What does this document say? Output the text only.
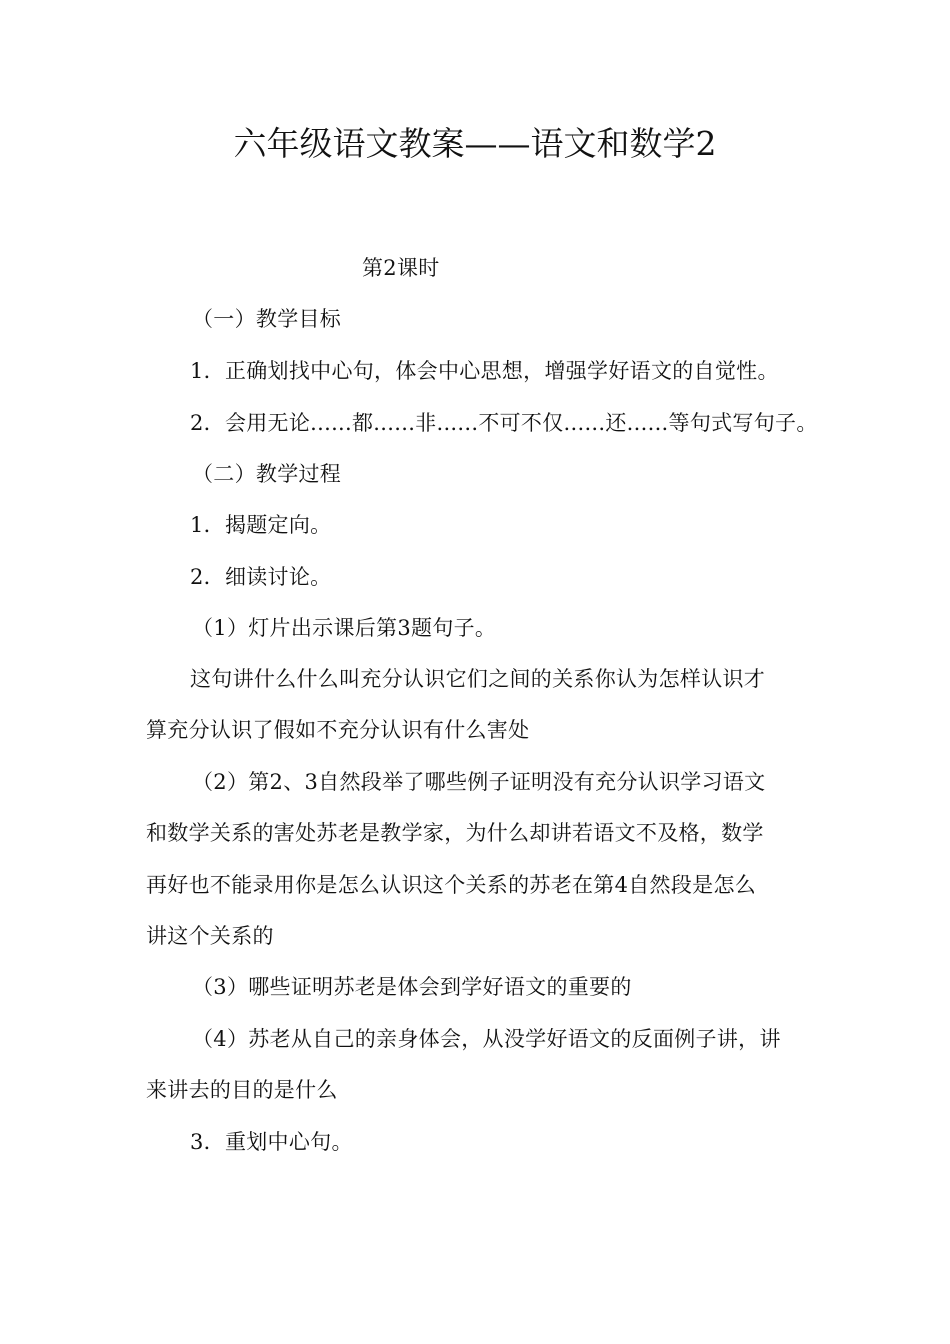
六年级语文教案——语文和数学2
第2课时
（一）教学目标
1．正确划找中心句，体会中心思想，增强学好语文的自觉性。
2．会用无论......都......非......不可不仅......还......等句式写句子。
（二）教学过程
1．揭题定向。
2．细读讨论。
（1）灯片出示课后第3题句子。
这句讲什么什么叫充分认识它们之间的关系你认为怎样认识才
算充分认识了假如不充分认识有什么害处
（2）第2、3自然段举了哪些例子证明没有充分认识学习语文
和数学关系的害处苏老是教学家，为什么却讲若语文不及格，数学
再好也不能录用你是怎么认识这个关系的苏老在第4自然段是怎么
讲这个关系的
（3）哪些证明苏老是体会到学好语文的重要的
（4）苏老从自己的亲身体会，从没学好语文的反面例子讲，讲
来讲去的目的是什么
3．重划中心句。
